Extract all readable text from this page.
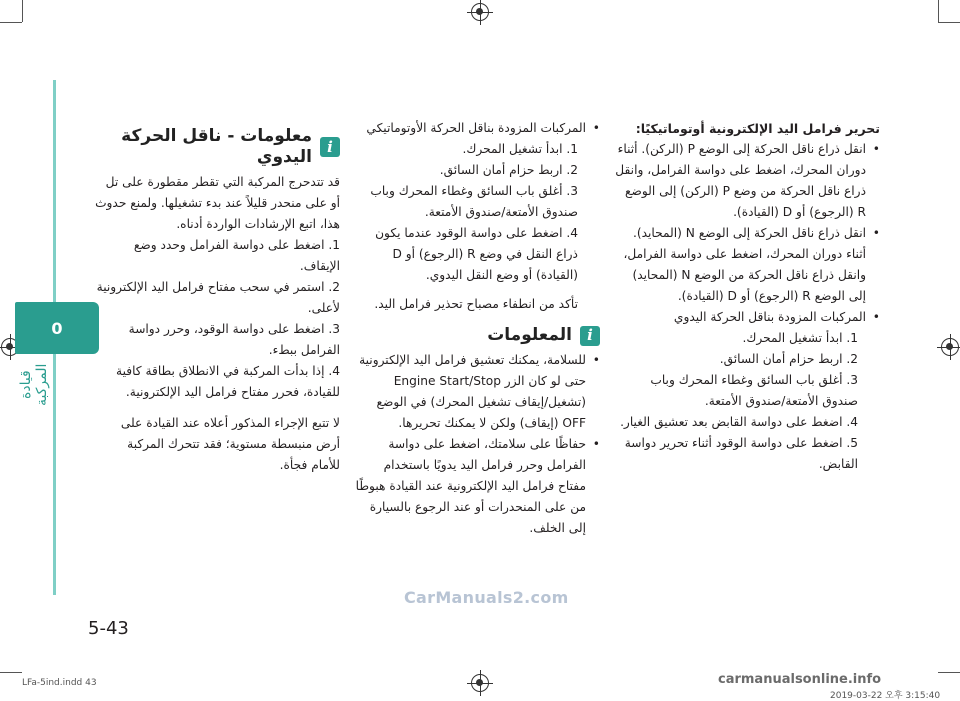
0
قيادة المركبة
i
معلومات - ناقل الحركة اليدوي

قد تتدحرج المركبة التي تقطر مقطورة على تل أو على منحدر قليلاً عند بدء تشغيلها. ولمنع حدوث هذا، اتبع الإرشادات الواردة أدناه.

1. اضغط على دواسة الفرامل وحدد وضع الإيقاف.

2. استمر في سحب مفتاح فرامل اليد الإلكترونية لأعلى.

3. اضغط على دواسة الوقود، وحرر دواسة الفرامل ببطء.

4. إذا بدأت المركبة في الانطلاق بطاقة كافية للقيادة، فحرر مفتاح فرامل اليد الإلكترونية.

لا تتبع الإجراء المذكور أعلاه عند القيادة على أرض منبسطة مستوية؛ فقد تتحرك المركبة للأمام فجأة.

• المركبات المزودة بناقل الحركة الأوتوماتيكي

1. ابدأ تشغيل المحرك.

2. اربط حزام أمان السائق.

3. أغلق باب السائق وغطاء المحرك وباب صندوق الأمتعة/صندوق الأمتعة.

4. اضغط على دواسة الوقود عندما يكون ذراع النقل في وضع R (الرجوع) أو D (القيادة) أو وضع النقل اليدوي.

تأكد من انطفاء مصباح تحذير فرامل اليد.

i
المعلومات
• للسلامة، يمكنك تعشيق فرامل اليد الإلكترونية حتى لو كان الزر Engine Start/Stop (تشغيل/إيقاف تشغيل المحرك) في الوضع OFF (إيقاف) ولكن لا يمكنك تحريرها.
• حفاظًا على سلامتك، اضغط على دواسة الفرامل وحرر فرامل اليد يدويًا باستخدام مفتاح فرامل اليد الإلكترونية عند القيادة هبوطًا من على المنحدرات أو عند الرجوع بالسيارة إلى الخلف.

تحرير فرامل اليد الإلكترونية أوتوماتيكيًا:

• انقل ذراع ناقل الحركة إلى الوضع P (الركن). أثناء دوران المحرك، اضغط على دواسة الفرامل، وانقل ذراع ناقل الحركة من وضع P (الركن) إلى الوضع R (الرجوع) أو D (القيادة).
• انقل ذراع ناقل الحركة إلى الوضع N (المحايد). أثناء دوران المحرك، اضغط على دواسة الفرامل، وانقل ذراع ناقل الحركة من الوضع N (المحايد) إلى الوضع R (الرجوع) أو D (القيادة).
• المركبات المزودة بناقل الحركة اليدوي

1. ابدأ تشغيل المحرك.

2. اربط حزام أمان السائق.

3. أغلق باب السائق وغطاء المحرك وباب صندوق الأمتعة/صندوق الأمتعة.

4. اضغط على دواسة القابض بعد تعشيق الغيار.

5. اضغط على دواسة الوقود أثناء تحرير دواسة القابض.

CarManuals2.com
5-43
LFa-5ind.indd 43	carmanualsonline.info
2019-03-22 오후 3:15:40
